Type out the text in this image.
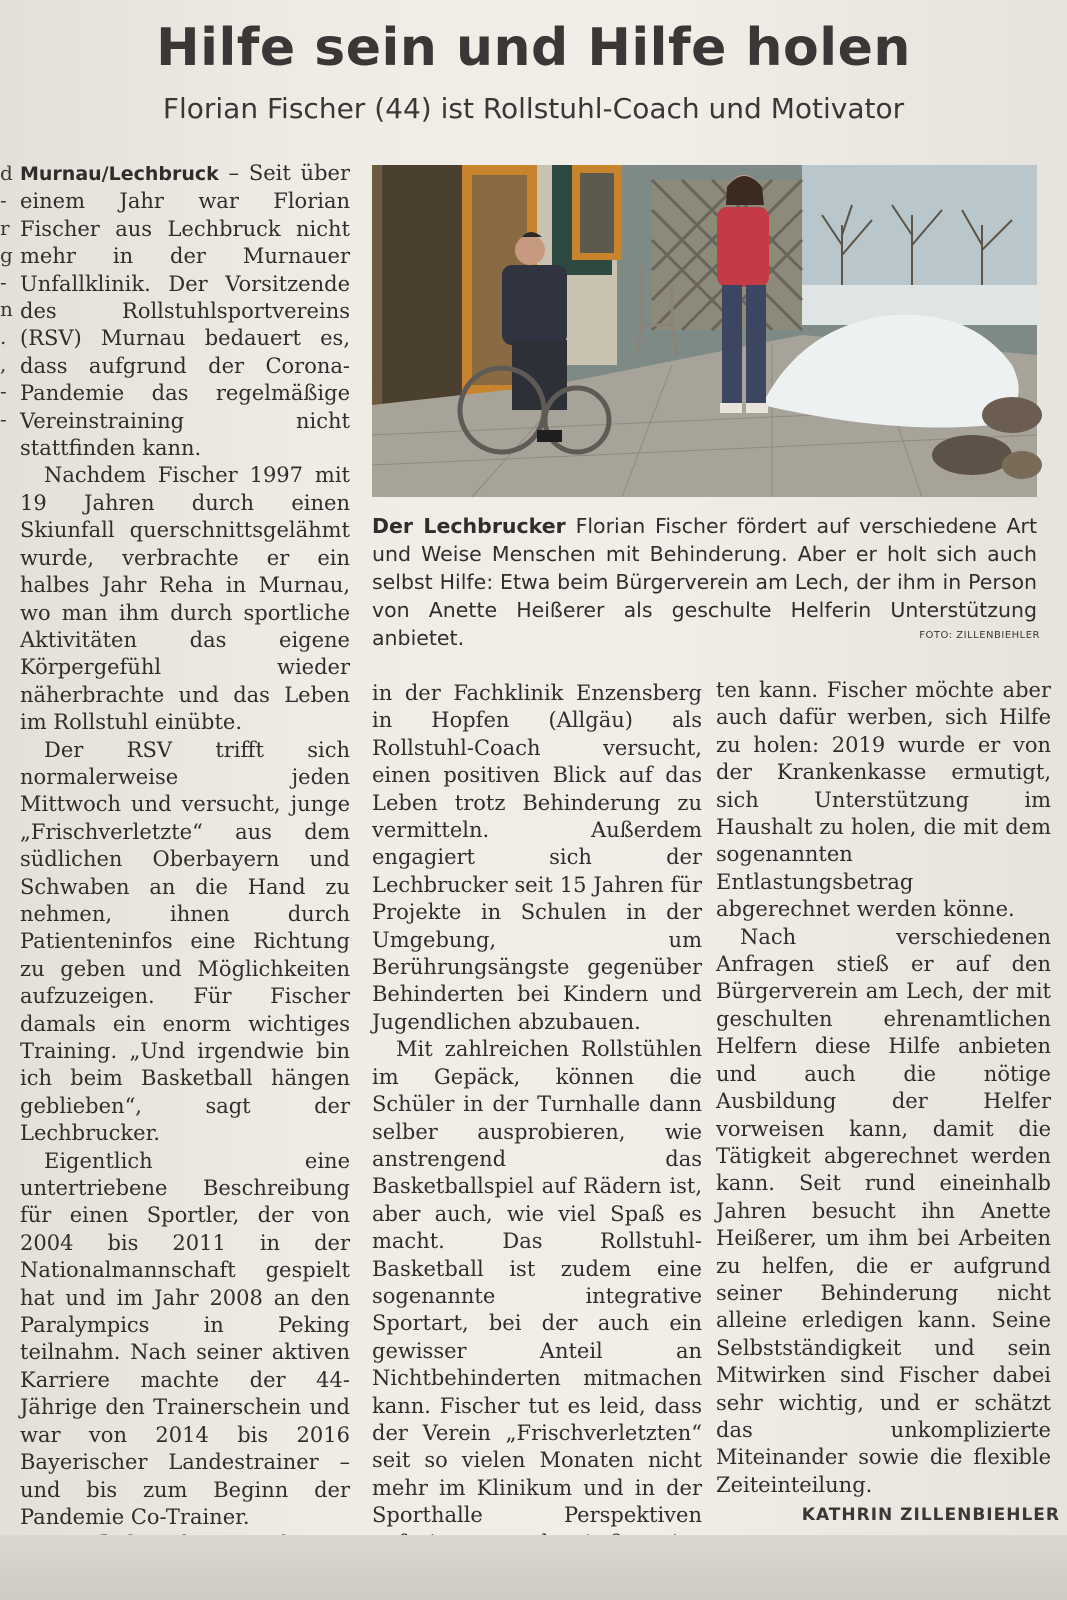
d
-
r
g
-
n
.
,
-
-
Hilfe sein und Hilfe holen
Florian Fischer (44) ist Rollstuhl-Coach und Motivator

Murnau/Lechbruck – Seit über einem Jahr war Florian Fischer aus Lechbruck nicht mehr in der Murnauer Unfallklinik. Der Vorsitzende des Rollstuhlsportvereins (RSV) Murnau bedauert es, dass aufgrund der Corona-Pandemie das regelmäßige Vereinstraining nicht stattfinden kann.

Nachdem Fischer 1997 mit 19 Jahren durch einen Skiunfall querschnittsgelähmt wurde, verbrachte er ein halbes Jahr Reha in Murnau, wo man ihm durch sportliche Aktivitäten das eigene Körpergefühl wieder näherbrachte und das Leben im Rollstuhl einübte.

Der RSV trifft sich normalerweise jeden Mittwoch und versucht, junge „Frischverletzte“ aus dem südlichen Oberbayern und Schwaben an die Hand zu nehmen, ihnen durch Patienteninfos eine Richtung zu geben und Möglichkeiten aufzuzeigen. Für Fischer damals ein enorm wichtiges Training. „Und irgendwie bin ich beim Basketball hängen geblieben“, sagt der Lechbrucker.

Eigentlich eine untertriebene Beschreibung für einen Sportler, der von 2004 bis 2011 in der Nationalmannschaft gespielt hat und im Jahr 2008 an den Paralympics in Peking teilnahm. Nach seiner aktiven Karriere machte der 44-Jährige den Trainerschein und war von 2014 bis 2016 Bayerischer Landestrainer – und bis zum Beginn der Pandemie Co-Trainer.

Der Lechbrucker Florian Fischer fördert auf verschiedene Art und Weise Menschen mit Behinderung. Aber er holt sich auch selbst Hilfe: Etwa beim Bürgerverein am Lech, der ihm in Person von Anette Heißerer als geschulte Helferin Unterstützung anbietet.	FOTO: ZILLENBIEHLER

in der Fachklinik Enzensberg in Hopfen (Allgäu) als Rollstuhl-Coach versucht, einen positiven Blick auf das Leben trotz Behinderung zu vermitteln. Außerdem engagiert sich der Lechbrucker seit 15 Jahren für Projekte in Schulen in der Umgebung, um Berührungsängste gegenüber Behinderten bei Kindern und Jugendlichen abzubauen.

Mit zahlreichen Rollstühlen im Gepäck, können die Schüler in der Turnhalle dann selber ausprobieren, wie anstrengend das Basketballspiel auf Rädern ist, aber auch, wie viel Spaß es macht. Das Rollstuhl-Basketball ist zudem eine sogenannte integrative Sportart, bei der auch ein gewisser Anteil an Nichtbehinderten mitmachen kann. Fischer tut es leid, dass der Verein „Frischverletzten“ seit so vielen Monaten nicht mehr im Klinikum und in der Sporthalle Perspektiven

ten kann. Fischer möchte aber auch dafür werben, sich Hilfe zu holen: 2019 wurde er von der Krankenkasse ermutigt, sich Unterstützung im Haushalt zu holen, die mit dem sogenannten Entlastungsbetrag abgerechnet werden könne.

Nach verschiedenen Anfragen stieß er auf den Bürgerverein am Lech, der mit geschulten ehrenamtlichen Helfern diese Hilfe anbieten und auch die nötige Ausbildung der Helfer vorweisen kann, damit die Tätigkeit abgerechnet werden kann. Seit rund eineinhalb Jahren besucht ihn Anette Heißerer, um ihm bei Arbeiten zu helfen, die er aufgrund seiner Behinderung nicht alleine erledigen kann. Seine Selbstständigkeit und sein Mitwirken sind Fischer dabei sehr wichtig, und er schätzt das unkomplizierte Miteinander sowie die flexible Zeiteinteilung.

KATHRIN ZILLENBIEHLER
